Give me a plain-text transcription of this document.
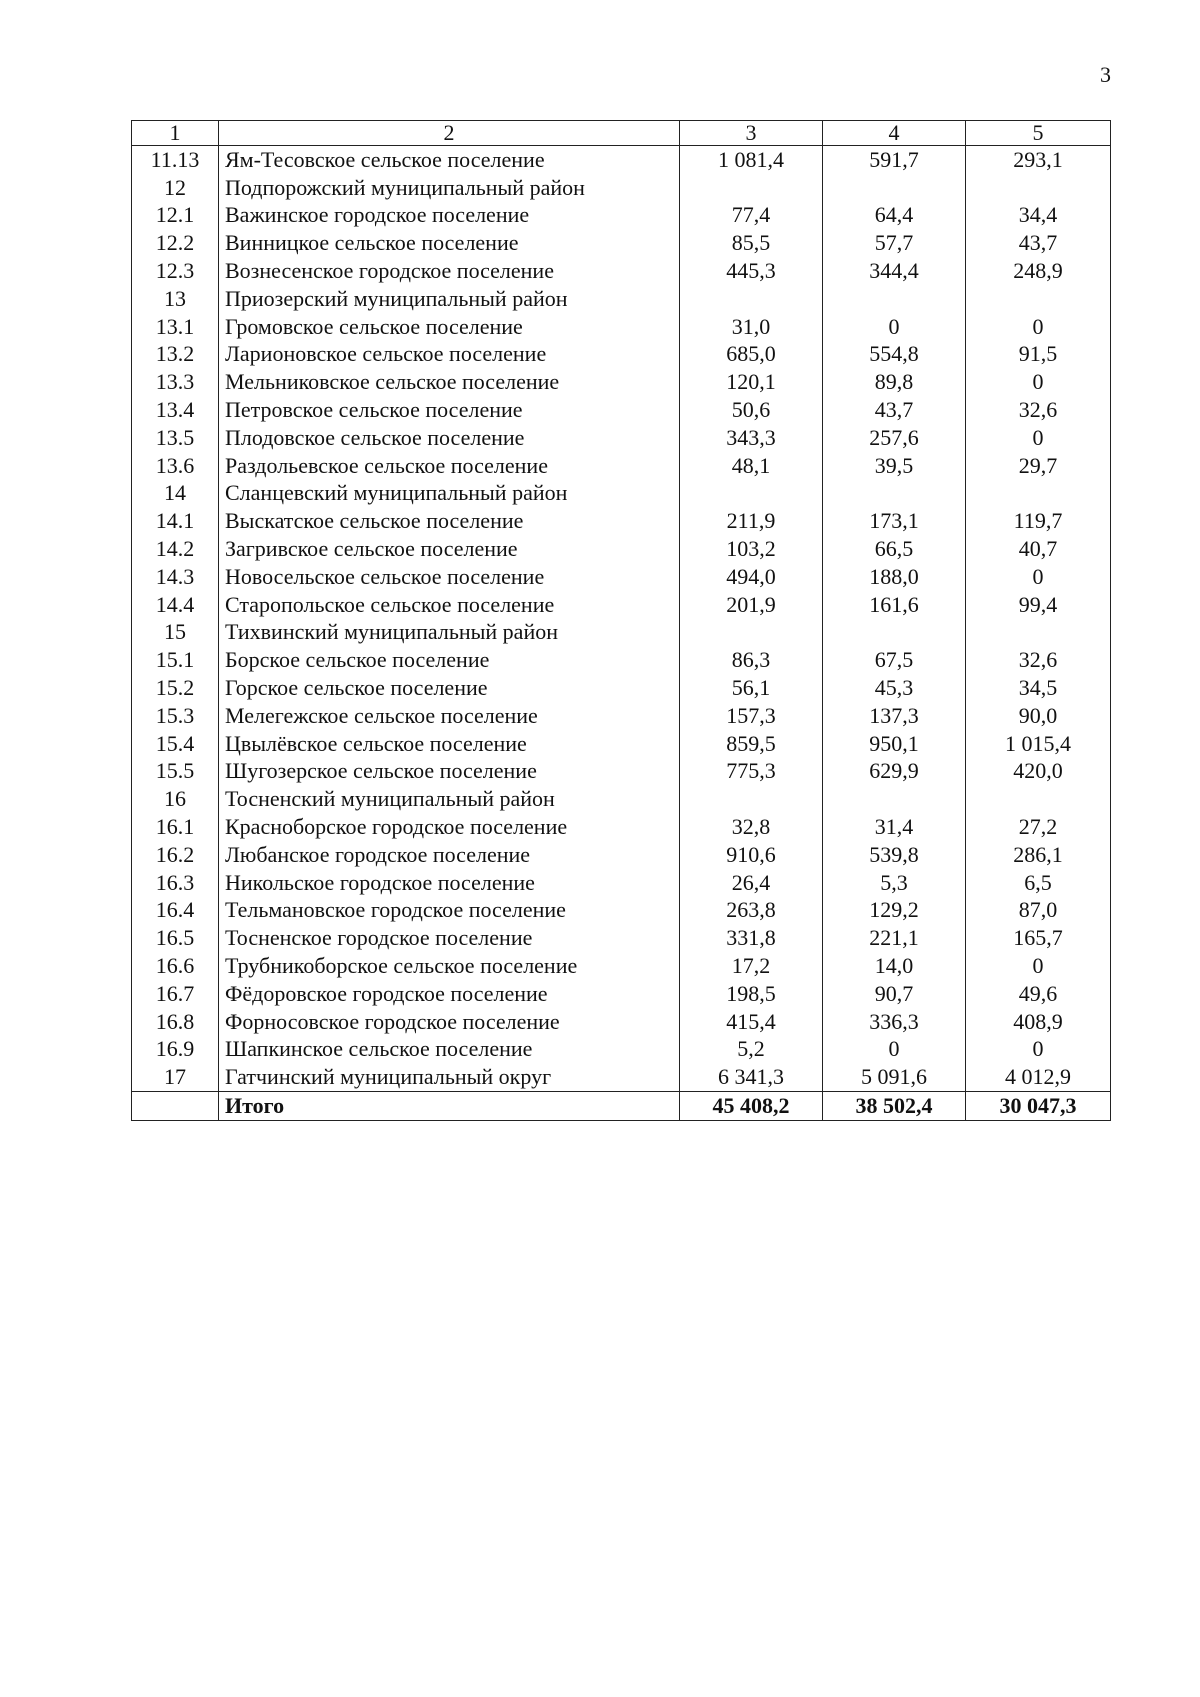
3
1	2	3	4	5
11.13	Ям-Тесовское сельское поселение	1 081,4	591,7	293,1
12	Подпорожский муниципальный район			
12.1	Важинское городское поселение	77,4	64,4	34,4
12.2	Винницкое сельское поселение	85,5	57,7	43,7
12.3	Вознесенское городское поселение	445,3	344,4	248,9
13	Приозерский муниципальный район			
13.1	Громовское сельское поселение	31,0	0	0
13.2	Ларионовское сельское поселение	685,0	554,8	91,5
13.3	Мельниковское сельское поселение	120,1	89,8	0
13.4	Петровское сельское поселение	50,6	43,7	32,6
13.5	Плодовское сельское поселение	343,3	257,6	0
13.6	Раздольевское сельское поселение	48,1	39,5	29,7
14	Сланцевский муниципальный район			
14.1	Выскатское сельское поселение	211,9	173,1	119,7
14.2	Загривское сельское поселение	103,2	66,5	40,7
14.3	Новосельское сельское поселение	494,0	188,0	0
14.4	Старопольское сельское поселение	201,9	161,6	99,4
15	Тихвинский муниципальный район			
15.1	Борское сельское поселение	86,3	67,5	32,6
15.2	Горское сельское поселение	56,1	45,3	34,5
15.3	Мелегежское сельское поселение	157,3	137,3	90,0
15.4	Цвылёвское сельское поселение	859,5	950,1	1 015,4
15.5	Шугозерское сельское поселение	775,3	629,9	420,0
16	Тосненский муниципальный район			
16.1	Красноборское городское поселение	32,8	31,4	27,2
16.2	Любанское городское поселение	910,6	539,8	286,1
16.3	Никольское городское поселение	26,4	5,3	6,5
16.4	Тельмановское городское поселение	263,8	129,2	87,0
16.5	Тосненское городское поселение	331,8	221,1	165,7
16.6	Трубникоборское сельское поселение	17,2	14,0	0
16.7	Фёдоровское городское поселение	198,5	90,7	49,6
16.8	Форносовское городское поселение	415,4	336,3	408,9
16.9	Шапкинское сельское поселение	5,2	0	0
17	Гатчинский муниципальный округ	6 341,3	5 091,6	4 012,9
	Итого	45 408,2	38 502,4	30 047,3
